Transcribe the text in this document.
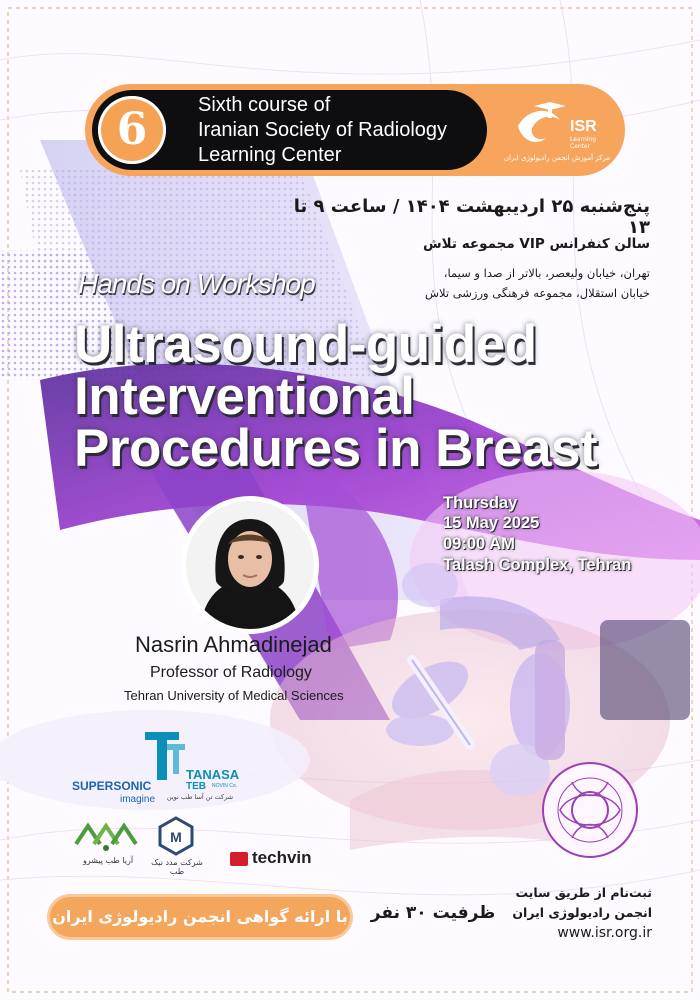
6	Sixth course of
Iranian Society of Radiology
Learning Center
ISR
Learning Center
مرکز آموزش انجمن رادیولوژی ایران
پنج‌شنبه ۲۵ اردیبهشت ۱۴۰۴ / ساعت ۹ تا ۱۳
سالن کنفرانس VIP مجموعه تلاش
تهران، خیابان ولیعصر، بالاتر از صدا و سیما،
خیابان استقلال، مجموعه فرهنگی ورزشی تلاش
Hands on Workshop
Ultrasound-guided
Interventional
Procedures in Breast
Thursday
15 May 2025
09:00 AM
Talash Complex, Tehran
Nasrin Ahmadinejad
Professor of Radiology
Tehran University of Medical Sciences
TANASA
TEB NOVIN Co.
شرکت تن آسا طب نوین
SUPERSONIC
imagine
آریا طب پیشرو
M
شرکت مدد نیک طب
techvin
با ارائه گواهی انجمن رادیولوژی ایران ظرفیت ۳۰ نفر
ثبت‌نام از طریق سایت
انجمن رادیولوژی ایران
www.isr.org.ir
